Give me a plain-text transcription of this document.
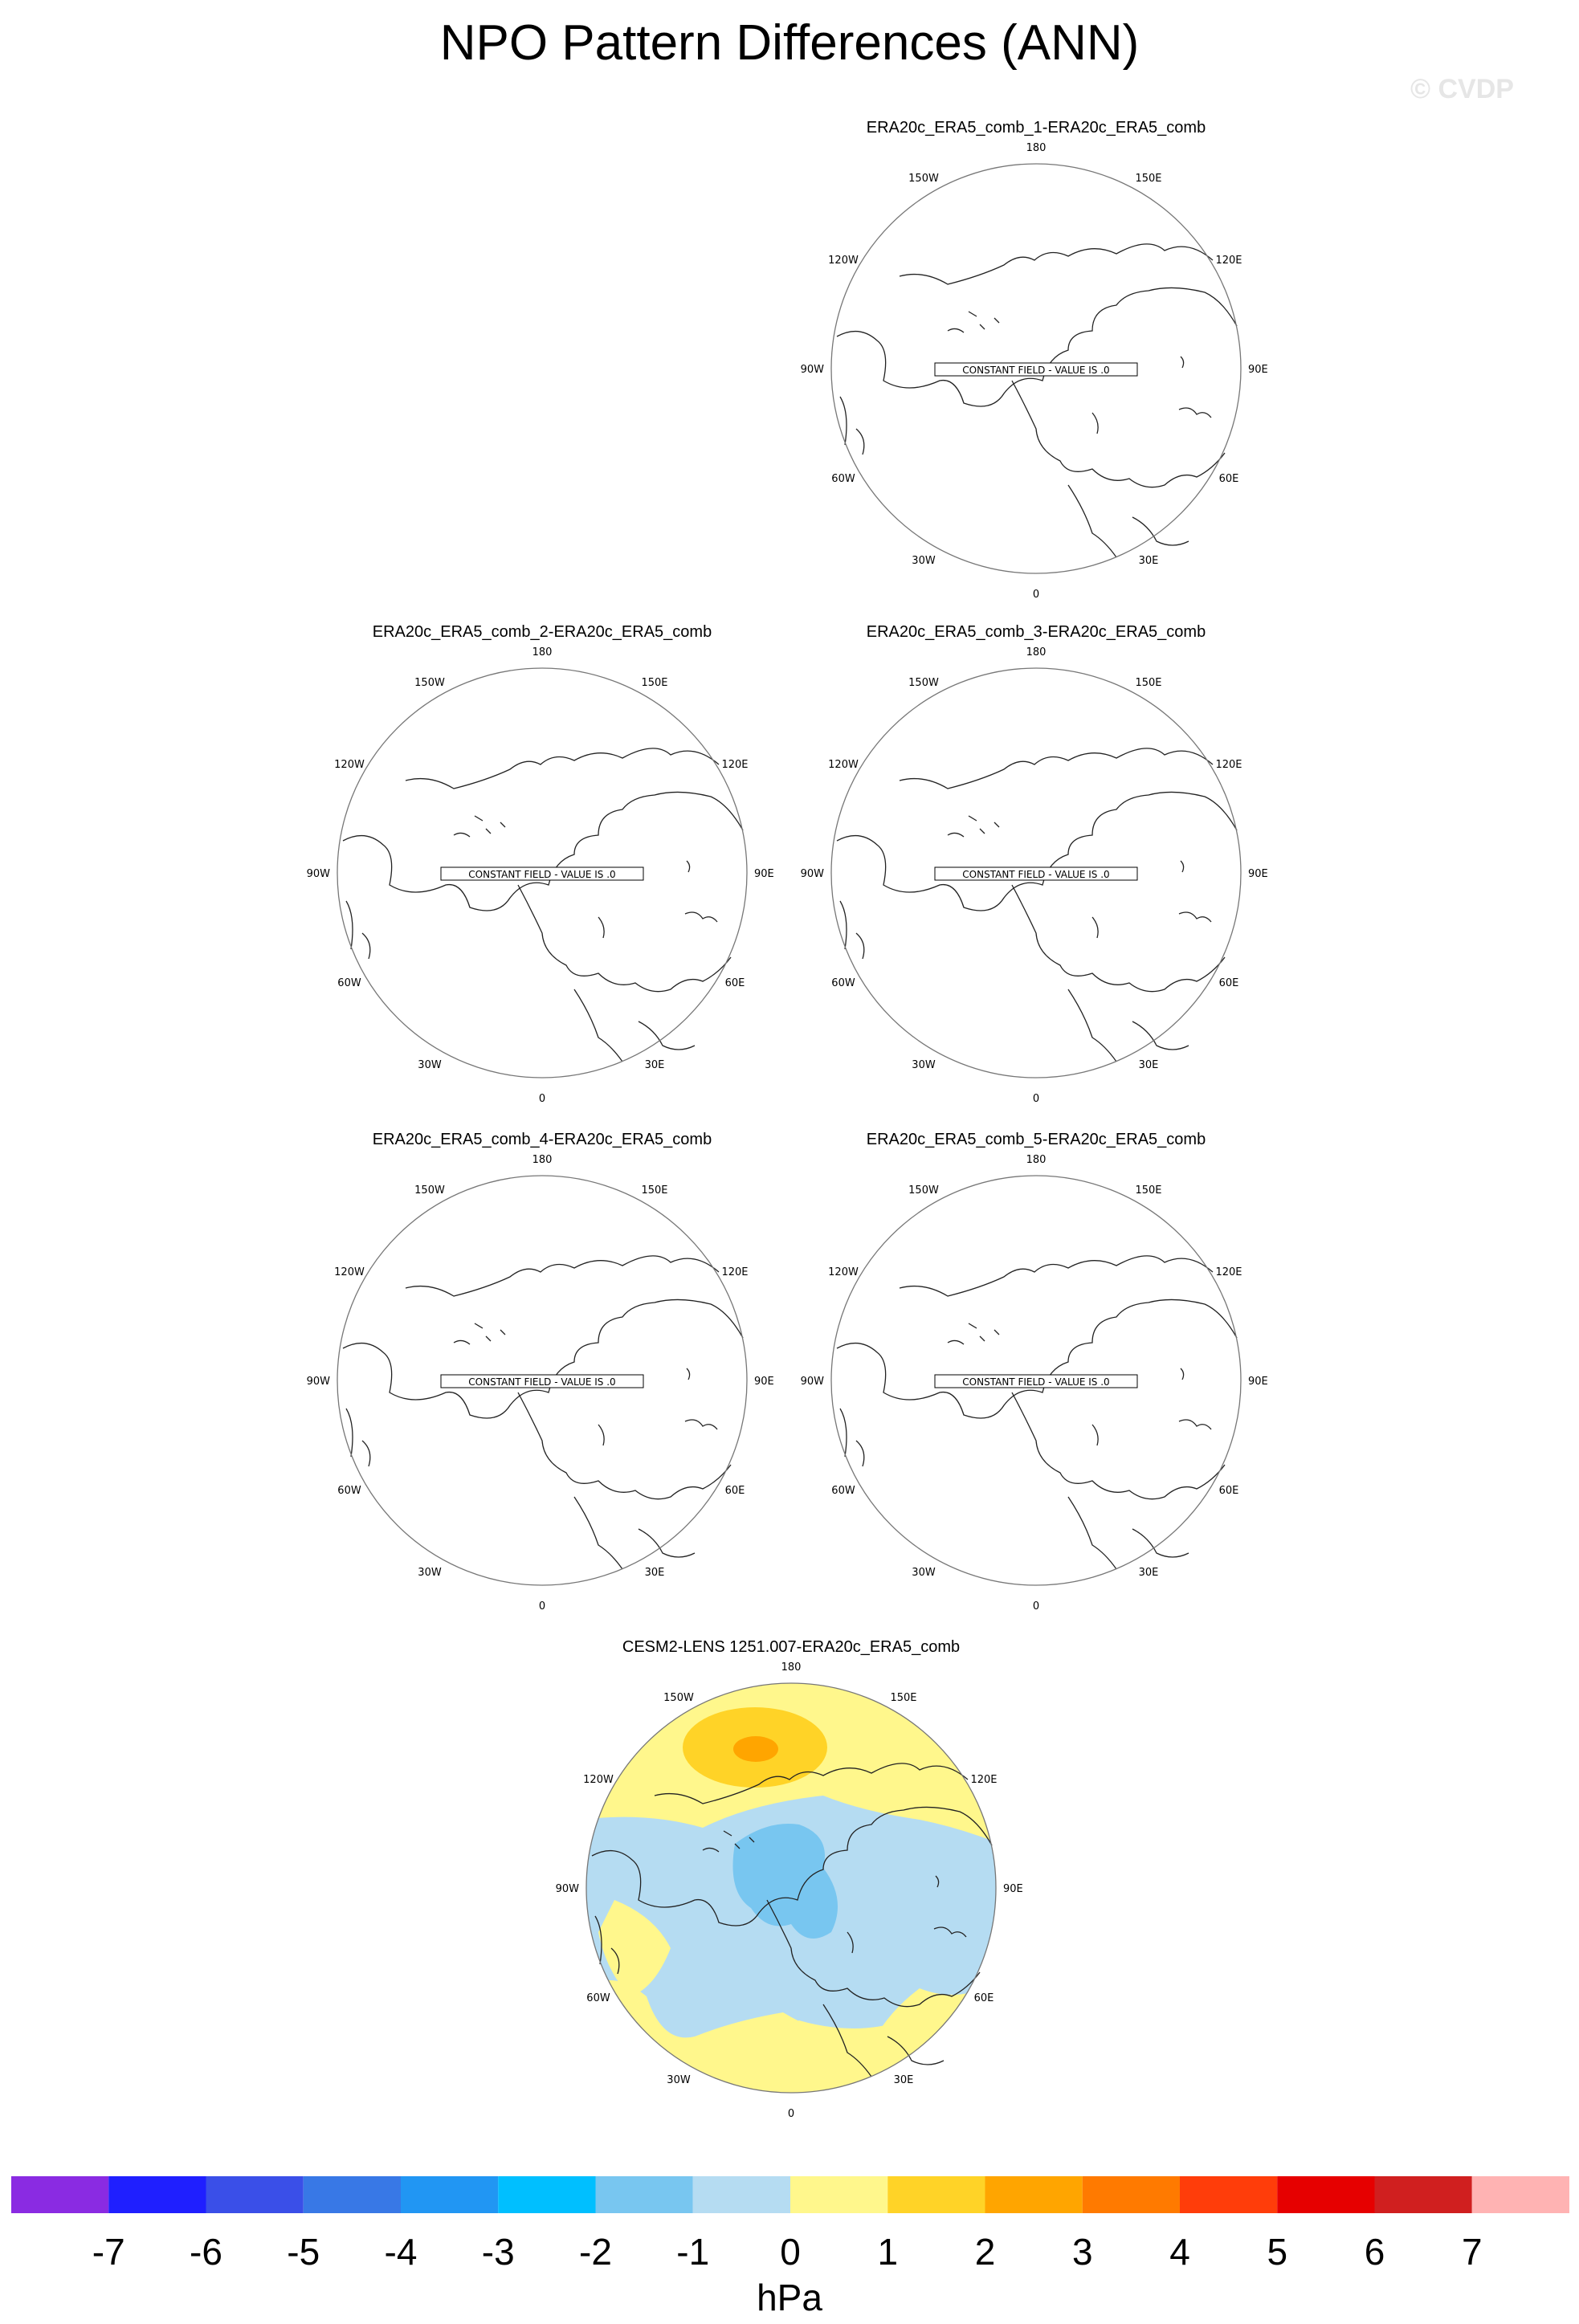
NPO Pattern Differences (ANN)
© CVDP
ERA20c_ERA5_comb_1-ERA20c_ERA5_comb
180
150W	150E
120W	120E
90W	90E
60W	60E
30W	30E
0
CONSTANT FIELD - VALUE IS .0
ERA20c_ERA5_comb_2-ERA20c_ERA5_comb
180
150W	150E
120W	120E
90W	90E
60W	60E
30W	30E
0
CONSTANT FIELD - VALUE IS .0
ERA20c_ERA5_comb_3-ERA20c_ERA5_comb
180
150W	150E
120W	120E
90W	90E
60W	60E
30W	30E
0
CONSTANT FIELD - VALUE IS .0
ERA20c_ERA5_comb_4-ERA20c_ERA5_comb
180
150W	150E
120W	120E
90W	90E
60W	60E
30W	30E
0
CONSTANT FIELD - VALUE IS .0
ERA20c_ERA5_comb_5-ERA20c_ERA5_comb
180
150W	150E
120W	120E
90W	90E
60W	60E
30W	30E
0
CONSTANT FIELD - VALUE IS .0
CESM2-LENS 1251.007-ERA20c_ERA5_comb
180
150W	150E
120W	120E
90W	90E
60W	60E
30W	30E
0
-7 -6 -5 -4 -3 -2 -1 0 1 2 3 4 5 6 7
hPa
